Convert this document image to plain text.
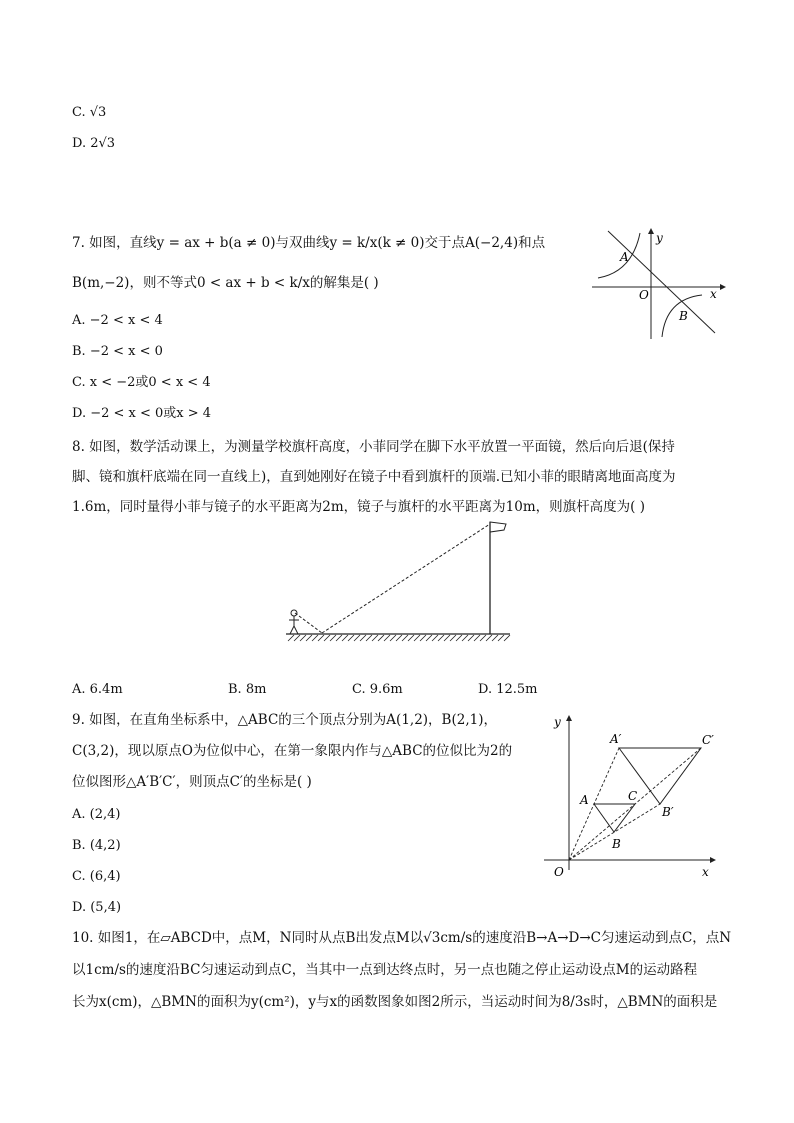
C. √3
D. 2√3
7. 如图，直线y = ax + b(a ≠ 0)与双曲线y = k/x(k ≠ 0)交于点A(−2,4)和点
B(m,−2)，则不等式0 < ax + b < k/x的解集是( )
A. −2 < x < 4
B. −2 < x < 0
C. x < −2或0 < x < 4
D. −2 < x < 0或x > 4
y
x
O
A
B
8. 如图，数学活动课上，为测量学校旗杆高度，小菲同学在脚下水平放置一平面镜，然后向后退(保持
脚、镜和旗杆底端在同一直线上)，直到她刚好在镜子中看到旗杆的顶端.已知小菲的眼睛离地面高度为
1.6m，同时量得小菲与镜子的水平距离为2m，镜子与旗杆的水平距离为10m，则旗杆高度为( )
A. 6.4m	B. 8m	C. 9.6m	D. 12.5m
9. 如图，在直角坐标系中，△ABC的三个顶点分别为A(1,2)，B(2,1)，
C(3,2)，现以原点O为位似中心，在第一象限内作与△ABC的位似比为2的
位似图形△A′B′C′，则顶点C′的坐标是( )
A. (2,4)
B. (4,2)
C. (6,4)
D. (5,4)
y
x
O
A
B
C
A′
B′
C′
10. 如图1，在▱ABCD中，点M，N同时从点B出发点M以√3cm/s的速度沿B→A→D→C匀速运动到点C，点N
以1cm/s的速度沿BC匀速运动到点C，当其中一点到达终点时，另一点也随之停止运动设点M的运动路程
长为x(cm)，△BMN的面积为y(cm²)，y与x的函数图象如图2所示，当运动时间为8/3s时，△BMN的面积是
